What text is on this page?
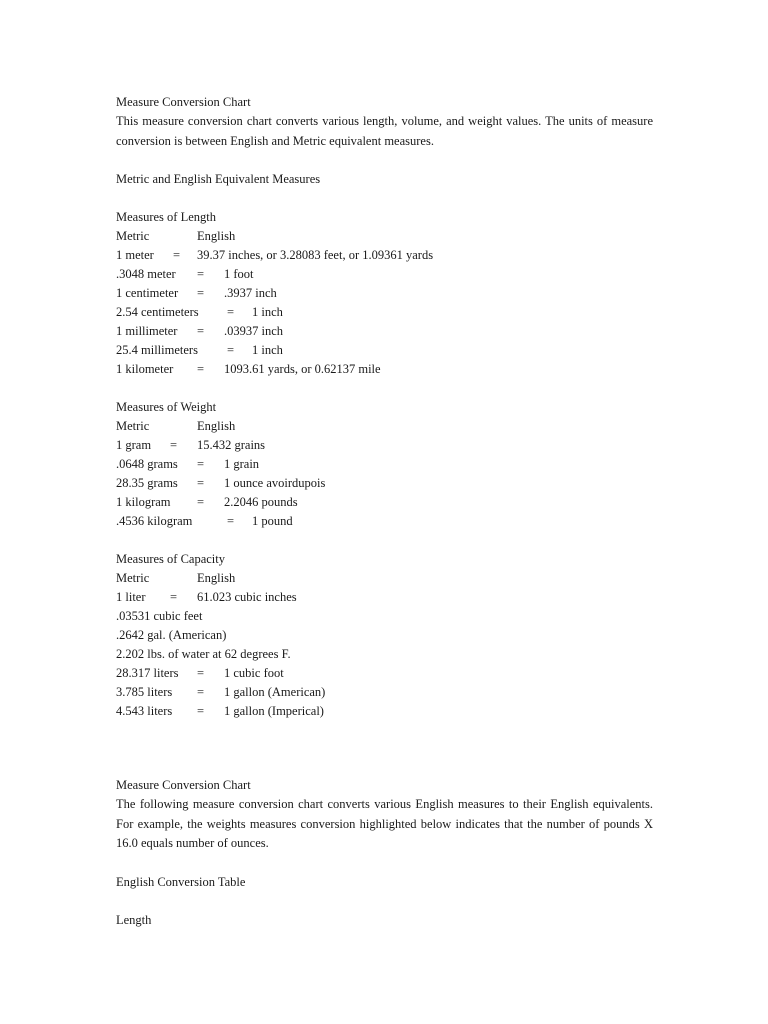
Measure Conversion Chart
This measure conversion chart converts various length, volume, and weight values. The units of measure conversion is between English and Metric equivalent measures.
Metric and English Equivalent Measures
Measures of Length
Metric	English
1 meter = 39.37 inches, or 3.28083 feet, or 1.09361 yards
.3048 meter = 1 foot
1 centimeter = .3937 inch
2.54 centimeters = 1 inch
1 millimeter = .03937 inch
25.4 millimeters = 1 inch
1 kilometer = 1093.61 yards, or 0.62137 mile
Measures of Weight
Metric	English
1 gram = 15.432 grains
.0648 grams = 1 grain
28.35 grams = 1 ounce avoirdupois
1 kilogram = 2.2046 pounds
.4536 kilogram	= 1 pound
Measures of Capacity
Metric	English
1 liter = 61.023 cubic inches
.03531 cubic feet
.2642 gal. (American)
2.202 lbs. of water at 62 degrees F.
28.317 liters = 1 cubic foot
3.785 liters = 1 gallon (American)
4.543 liters = 1 gallon (Imperical)
Measure Conversion Chart
The following measure conversion chart converts various English measures to their English equivalents. For example, the weights measures conversion highlighted below indicates that the number of pounds X 16.0 equals number of ounces.
English Conversion Table
Length
